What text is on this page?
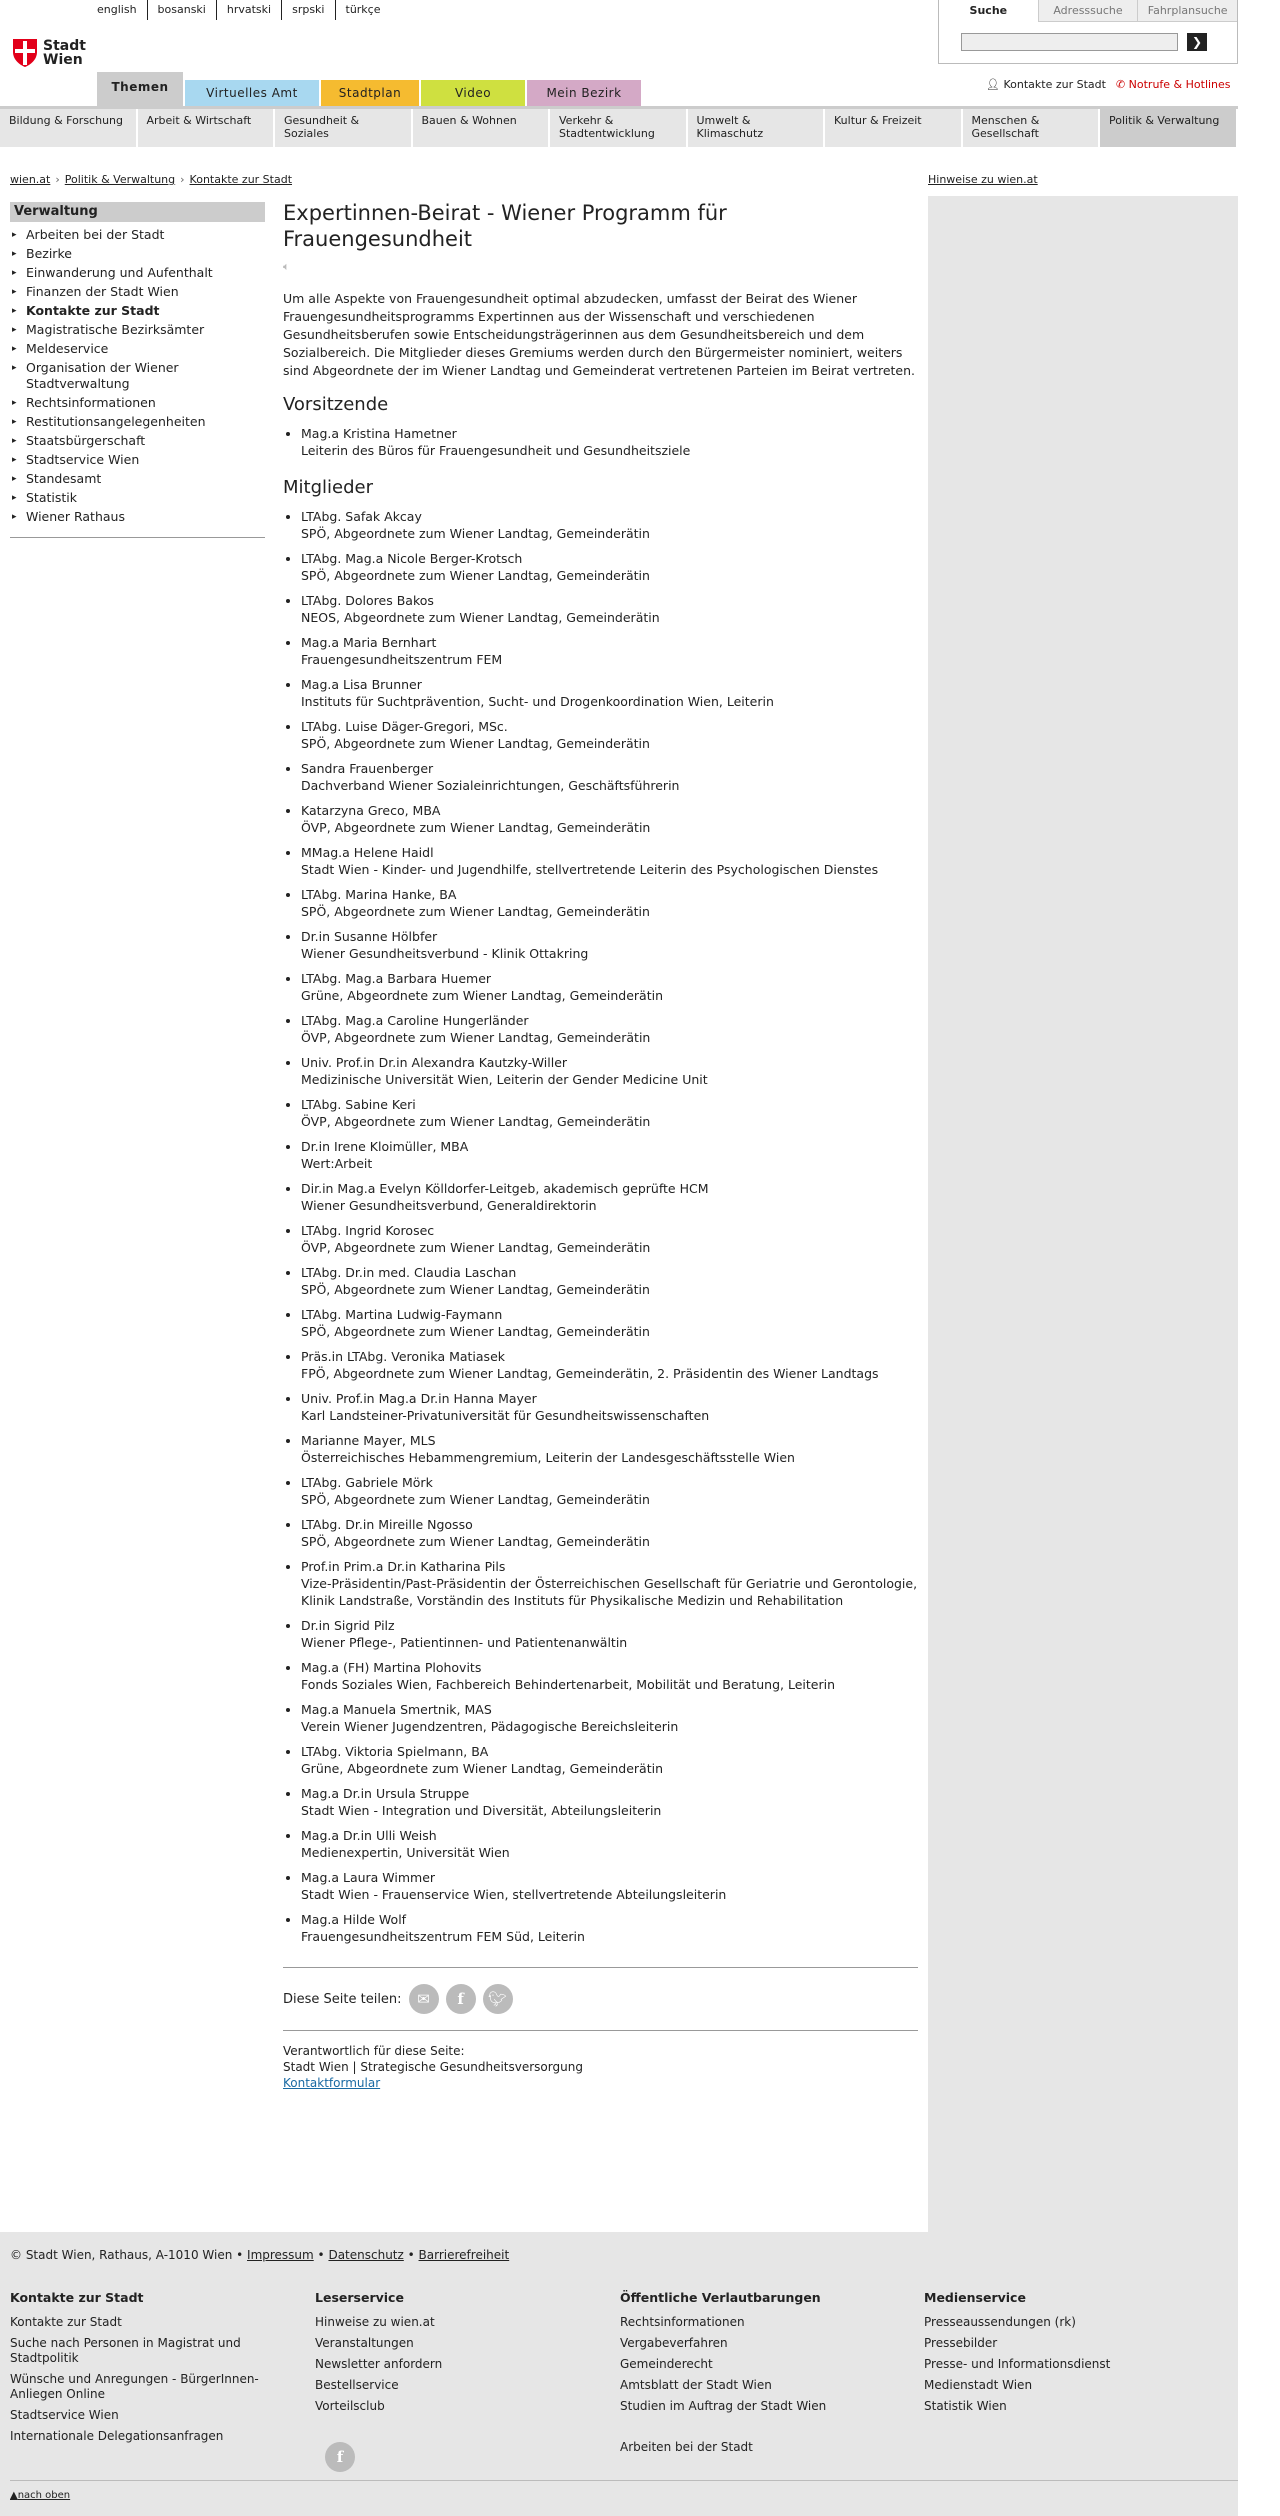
english	bosanski	hrvatski	srpski	türkçe
Stadt
Wien
Suche	Adresssuche	Fahrplansuche
❯
👤︎ Kontakte zur Stadt ✆ Notrufe & Hotlines
Themen	Virtuelles Amt	Stadtplan	Video	Mein Bezirk
Bildung & Forschung	Arbeit & Wirtschaft	Gesundheit & Soziales
Bauen & Wohnen	Verkehr & Stadtentwicklung
Umwelt & Klimaschutz
Kultur & Freizeit	Menschen & Gesellschaft
Politik & Verwaltung
wien.at › Politik & Verwaltung › Kontakte zur Stadt	Hinweise zu wien.at
Verwaltung
▸ Arbeiten bei der Stadt
▸ Bezirke
▸ Einwanderung und Aufenthalt
▸ Finanzen der Stadt Wien
▸ Kontakte zur Stadt
▸ Magistratische Bezirksämter
▸ Meldeservice
▸ Organisation der Wiener Stadtverwaltung
▸ Rechtsinformationen
▸ Restitutionsangelegenheiten
▸ Staatsbürgerschaft
▸ Stadtservice Wien
▸ Standesamt
▸ Statistik
▸ Wiener Rathaus
Expertinnen-Beirat - Wiener Programm für Frauengesundheit
🔈︎

Um alle Aspekte von Frauengesundheit optimal abzudecken, umfasst der Beirat des Wiener Frauengesundheitsprogramms Expertinnen aus der Wissenschaft und verschiedenen Gesundheitsberufen sowie Entscheidungsträgerinnen aus dem Gesundheitsbereich und dem Sozialbereich. Die Mitglieder dieses Gremiums werden durch den Bürgermeister nominiert, weiters sind Abgeordnete der im Wiener Landtag und Gemeinderat vertretenen Parteien im Beirat vertreten.

Vorsitzende
• Mag.a Kristina Hametner
Leiterin des Büros für Frauengesundheit und Gesundheitsziele
Mitglieder
• LTAbg. Safak Akcay
SPÖ, Abgeordnete zum Wiener Landtag, Gemeinderätin
• LTAbg. Mag.a Nicole Berger-Krotsch
SPÖ, Abgeordnete zum Wiener Landtag, Gemeinderätin
• LTAbg. Dolores Bakos
NEOS, Abgeordnete zum Wiener Landtag, Gemeinderätin
• Mag.a Maria Bernhart
Frauengesundheitszentrum FEM
• Mag.a Lisa Brunner
Instituts für Suchtprävention, Sucht- und Drogenkoordination Wien, Leiterin
• LTAbg. Luise Däger-Gregori, MSc.
SPÖ, Abgeordnete zum Wiener Landtag, Gemeinderätin
• Sandra Frauenberger
Dachverband Wiener Sozialeinrichtungen, Geschäftsführerin
• Katarzyna Greco, MBA
ÖVP, Abgeordnete zum Wiener Landtag, Gemeinderätin
• MMag.a Helene Haidl
Stadt Wien - Kinder- und Jugendhilfe, stellvertretende Leiterin des Psychologischen Dienstes
• LTAbg. Marina Hanke, BA
SPÖ, Abgeordnete zum Wiener Landtag, Gemeinderätin
• Dr.in Susanne Hölbfer
Wiener Gesundheitsverbund - Klinik Ottakring
• LTAbg. Mag.a Barbara Huemer
Grüne, Abgeordnete zum Wiener Landtag, Gemeinderätin
• LTAbg. Mag.a Caroline Hungerländer
ÖVP, Abgeordnete zum Wiener Landtag, Gemeinderätin
• Univ. Prof.in Dr.in Alexandra Kautzky-Willer
Medizinische Universität Wien, Leiterin der Gender Medicine Unit
• LTAbg. Sabine Keri
ÖVP, Abgeordnete zum Wiener Landtag, Gemeinderätin
• Dr.in Irene Kloimüller, MBA
Wert:Arbeit
• Dir.in Mag.a Evelyn Kölldorfer-Leitgeb, akademisch geprüfte HCM
Wiener Gesundheitsverbund, Generaldirektorin
• LTAbg. Ingrid Korosec
ÖVP, Abgeordnete zum Wiener Landtag, Gemeinderätin
• LTAbg. Dr.in med. Claudia Laschan
SPÖ, Abgeordnete zum Wiener Landtag, Gemeinderätin
• LTAbg. Martina Ludwig-Faymann
SPÖ, Abgeordnete zum Wiener Landtag, Gemeinderätin
• Präs.in LTAbg. Veronika Matiasek
FPÖ, Abgeordnete zum Wiener Landtag, Gemeinderätin, 2. Präsidentin des Wiener Landtags
• Univ. Prof.in Mag.a Dr.in Hanna Mayer
Karl Landsteiner-Privatuniversität für Gesundheitswissenschaften
• Marianne Mayer, MLS
Österreichisches Hebammengremium, Leiterin der Landesgeschäftsstelle Wien
• LTAbg. Gabriele Mörk
SPÖ, Abgeordnete zum Wiener Landtag, Gemeinderätin
• LTAbg. Dr.in Mireille Ngosso
SPÖ, Abgeordnete zum Wiener Landtag, Gemeinderätin
• Prof.in Prim.a Dr.in Katharina Pils
Vize-Präsidentin/Past-Präsidentin der Österreichischen Gesellschaft für Geriatrie und Gerontologie, Klinik Landstraße, Vorständin des Instituts für Physikalische Medizin und Rehabilitation
• Dr.in Sigrid Pilz
Wiener Pflege-, Patientinnen- und Patientenanwältin
• Mag.a (FH) Martina Plohovits
Fonds Soziales Wien, Fachbereich Behindertenarbeit, Mobilität und Beratung, Leiterin
• Mag.a Manuela Smertnik, MAS
Verein Wiener Jugendzentren, Pädagogische Bereichsleiterin
• LTAbg. Viktoria Spielmann, BA
Grüne, Abgeordnete zum Wiener Landtag, Gemeinderätin
• Mag.a Dr.in Ursula Struppe
Stadt Wien - Integration und Diversität, Abteilungsleiterin
• Mag.a Dr.in Ulli Weish
Medienexpertin, Universität Wien
• Mag.a Laura Wimmer
Stadt Wien - Frauenservice Wien, stellvertretende Abteilungsleiterin
• Mag.a Hilde Wolf
Frauengesundheitszentrum FEM Süd, Leiterin
Diese Seite teilen:	✉	f	🐦︎
Verantwortlich für diese Seite:
Stadt Wien | Strategische Gesundheitsversorgung
Kontaktformular
© Stadt Wien, Rathaus, A-1010 Wien • Impressum • Datenschutz • Barrierefreiheit
Kontakte zur Stadt
Kontakte zur Stadt
Suche nach Personen in Magistrat und Stadtpolitik
Wünsche und Anregungen - BürgerInnen-Anliegen Online
Stadtservice Wien
Internationale Delegationsanfragen
Leserservice
Hinweise zu wien.at
Veranstaltungen
Newsletter anfordern
Bestellservice
Vorteilsclub
Öffentliche Verlautbarungen
Rechtsinformationen
Vergabeverfahren
Gemeinderecht
Amtsblatt der Stadt Wien
Studien im Auftrag der Stadt Wien
Arbeiten bei der Stadt
Medienservice
Presseaussendungen (rk)
Pressebilder
Presse- und Informationsdienst
Medienstadt Wien
Statistik Wien
f
▲nach oben
